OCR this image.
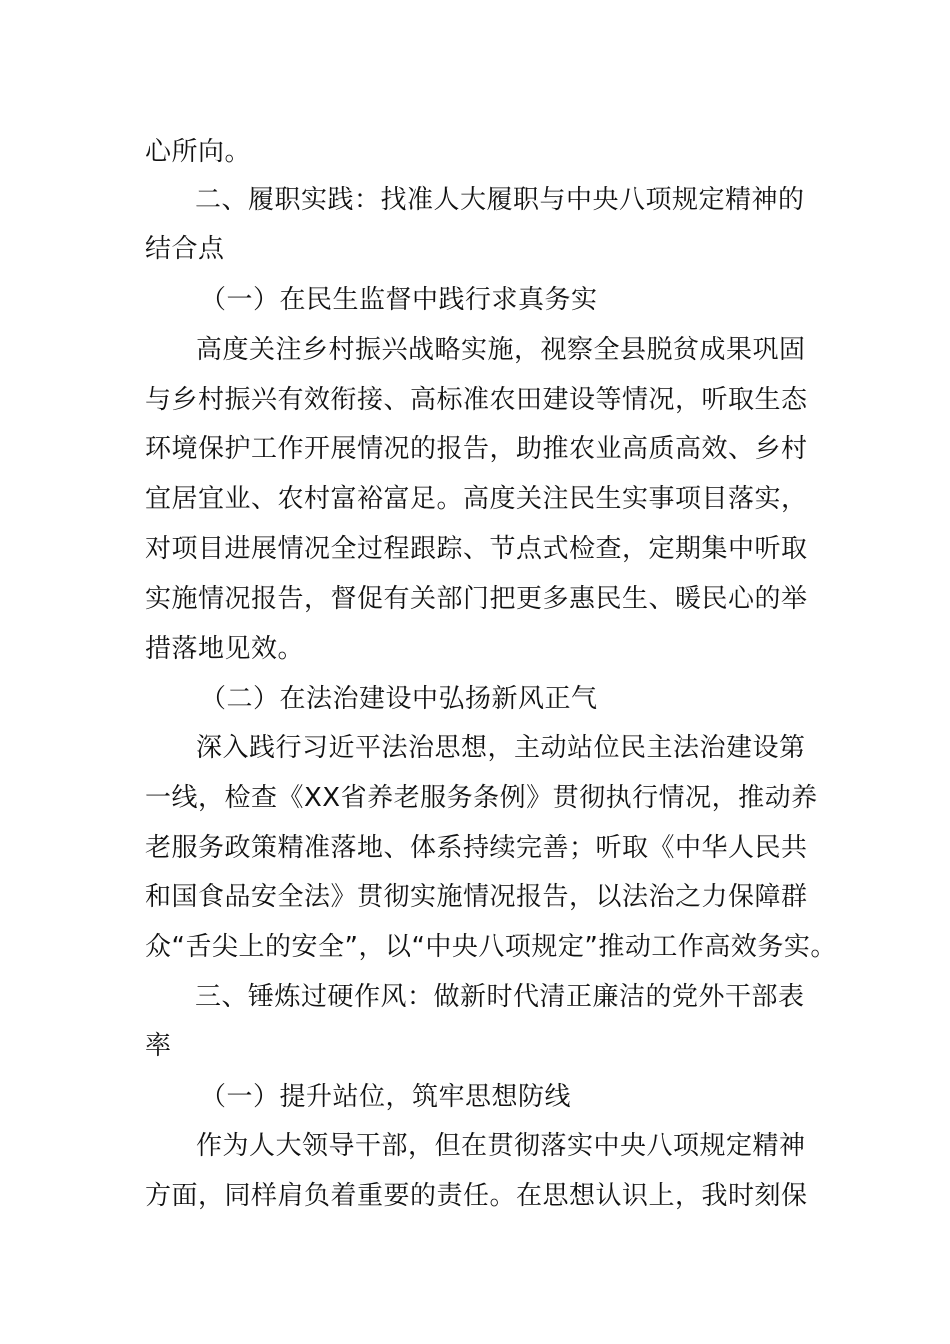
心所向。
二、履职实践：找准人大履职与中央八项规定精神的
结合点
（一）在民生监督中践行求真务实
高度关注乡村振兴战略实施，视察全县脱贫成果巩固
与乡村振兴有效衔接、高标准农田建设等情况，听取生态
环境保护工作开展情况的报告，助推农业高质高效、乡村
宜居宜业、农村富裕富足。高度关注民生实事项目落实，
对项目进展情况全过程跟踪、节点式检查，定期集中听取
实施情况报告，督促有关部门把更多惠民生、暖民心的举
措落地见效。
（二）在法治建设中弘扬新风正气
深入践行习近平法治思想，主动站位民主法治建设第
一线，检查《XX省养老服务条例》贯彻执行情况，推动养
老服务政策精准落地、体系持续完善；听取《中华人民共
和国食品安全法》贯彻实施情况报告，以法治之力保障群
众“舌尖上的安全”，以“中央八项规定”推动工作高效务实。
三、锤炼过硬作风：做新时代清正廉洁的党外干部表
率
（一）提升站位，筑牢思想防线
作为人大领导干部，但在贯彻落实中央八项规定精神
方面，同样肩负着重要的责任。在思想认识上，我时刻保
